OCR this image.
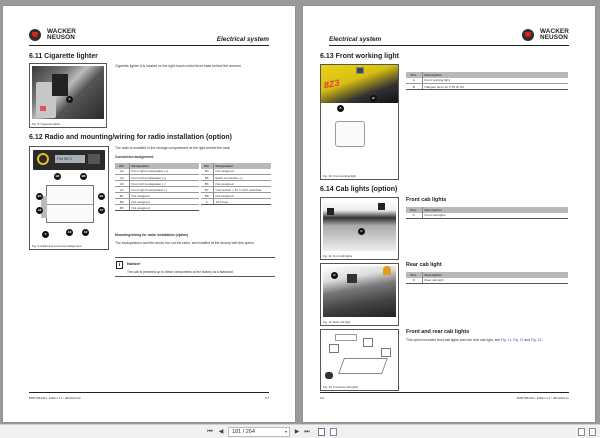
WACKER
NEUSON	Electrical system
6.11 Cigarette lighter
A
Fig. 8: Cigarette lighter
Cigarette lighter A is located on the right-hand control lever base behind the armrest.
6.12 Radio and mounting/wiring for radio installation (option)
FM 95.3
B3	B8
B4	B1
A6	A7
F	A3	A2
Fig. 9: Radio and connector assignment
The radio is installed in the storage compartment at the right behind the seat.
Connection assignment
Pin	Designation
A2	Front right loudspeaker (+)
A3	Front left loudspeaker (+)
A6	Front left loudspeaker (-)
A7	Front right loudspeaker (-)
B1	Not assigned
B2	Not assigned
B3	Not assigned
Pin	Designation
B4	Not assigned
B5	Earth connection (-)
B6	Not assigned
B7	Connection + 12 V ACC switched
B8	Not assigned
F	15 A fuse
Mounting/wiring for radio installation (option)
The loudspeakers and the aerial, but not the radio, are installed at the factory with this option.
i	Notice!
The cab is prewired up to these components at the factory as a standard.
BHB 28Z3 EN • Edition 1.1 * 28z3e610.fm	6-7
Electrical system
WACKER
NEUSON
6.13 Front working light
8Z3
A
B
Fig. 10: Front working light
Pos.	Description
A	Front working light
B	Halogen lamp 12 V 55 W H3
6.14 Cab lights (option)
C
Fig. 11: Front cab lights
Front cab lights
Pos.	Description
C	Front cab lights
D
Fig. 12: Rear cab light
Rear cab light
Pos.	Description
D	Rear cab light
Fig. 13: Front/rear cab lights
Front and rear cab lights
This option includes front cab lights and one rear cab light, see Fig. 11, Fig. 12 and Fig. 13.
6-8	BHB 28Z3 EN • Edition 1.1 * 28z3e610.fm
⏮ ◀	181 / 264	▾ ▶ ⏭
